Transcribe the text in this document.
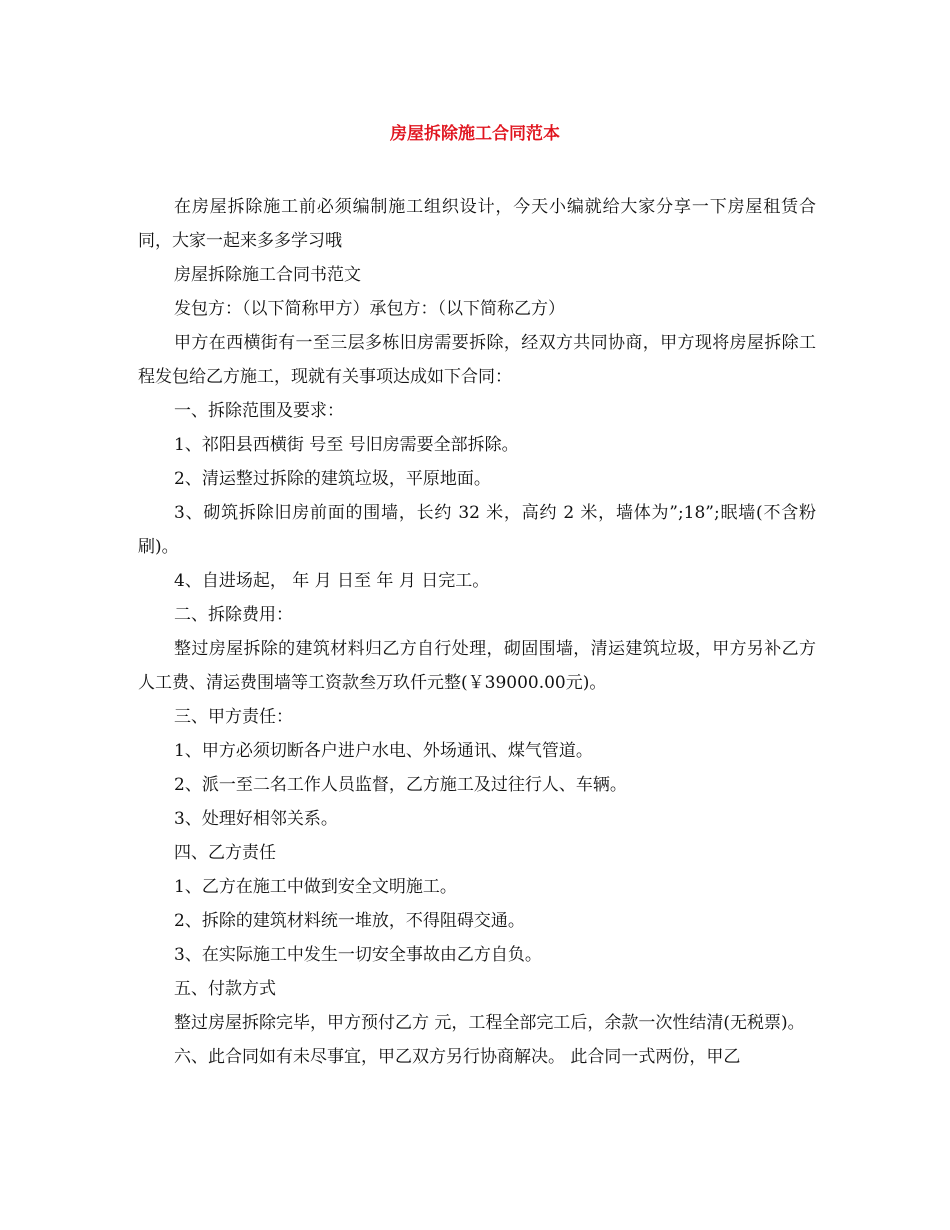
房屋拆除施工合同范本

在房屋拆除施工前必须编制施工组织设计，今天小编就给大家分享一下房屋租赁合同，大家一起来多多学习哦

房屋拆除施工合同书范文

发包方：（以下简称甲方）承包方：（以下简称乙方）

甲方在西横街有一至三层多栋旧房需要拆除，经双方共同协商，甲方现将房屋拆除工程发包给乙方施工，现就有关事项达成如下合同：

一、拆除范围及要求：

1、祁阳县西横街 号至 号旧房需要全部拆除。

2、清运整过拆除的建筑垃圾，平原地面。

3、砌筑拆除旧房前面的围墙，长约 32 米，高约 2 米，墙体为”;18”;眠墙(不含粉刷)。

4、自进场起， 年 月 日至 年 月 日完工。

二、拆除费用：

整过房屋拆除的建筑材料归乙方自行处理，砌固围墙，清运建筑垃圾，甲方另补乙方人工费、清运费围墙等工资款叁万玖仟元整(￥39000.00元)。

三、甲方责任：

1、甲方必须切断各户进户水电、外场通讯、煤气管道。

2、派一至二名工作人员监督，乙方施工及过往行人、车辆。

3、处理好相邻关系。

四、乙方责任

1、乙方在施工中做到安全文明施工。

2、拆除的建筑材料统一堆放，不得阻碍交通。

3、在实际施工中发生一切安全事故由乙方自负。

五、付款方式

整过房屋拆除完毕，甲方预付乙方 元，工程全部完工后，余款一次性结清(无税票)。

六、此合同如有未尽事宜，甲乙双方另行协商解决。 此合同一式两份，甲乙
